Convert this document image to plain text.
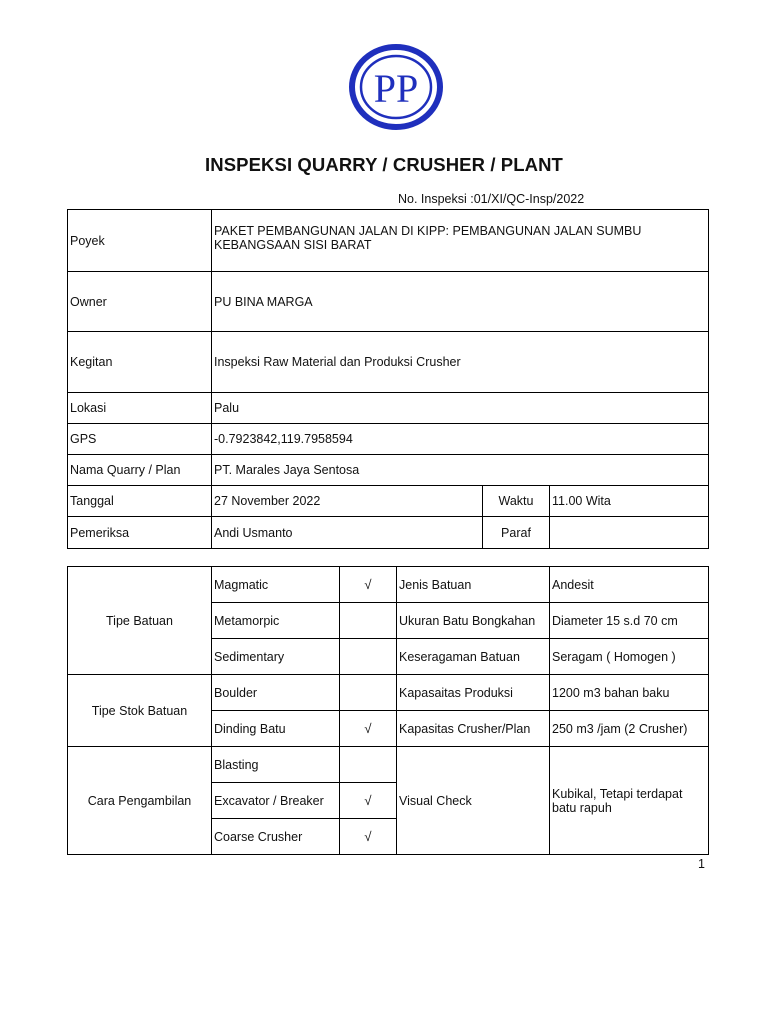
PP
INSPEKSI QUARRY / CRUSHER / PLANT
No. Inspeksi :01/XI/QC-Insp/2022
Poyek	PAKET PEMBANGUNAN JALAN DI KIPP: PEMBANGUNAN JALAN SUMBU KEBANGSAAN SISI BARAT		
Owner	PU BINA MARGA		
Kegitan	Inspeksi Raw Material dan Produksi Crusher		
Lokasi	Palu		
GPS	-0.7923842,119.7958594		
Nama Quarry / Plan	PT. Marales Jaya Sentosa		
Tanggal	27 November 2022	Waktu	11.00 Wita
Pemeriksa	Andi Usmanto	Paraf	
Tipe Batuan	Magmatic	√	Jenis Batuan	Andesit
	Metamorpic		Ukuran Batu Bongkahan	Diameter 15 s.d 70 cm
	Sedimentary		Keseragaman Batuan	Seragam ( Homogen )
Tipe Stok Batuan	Boulder		Kapasaitas Produksi	1200 m3 bahan baku
	Dinding Batu	√	Kapasitas Crusher/Plan	250 m3 /jam (2 Crusher)
Cara Pengambilan	Blasting		Visual Check	Kubikal, Tetapi terdapat batu rapuh
	Excavator / Breaker	√		
	Coarse Crusher	√		
1
